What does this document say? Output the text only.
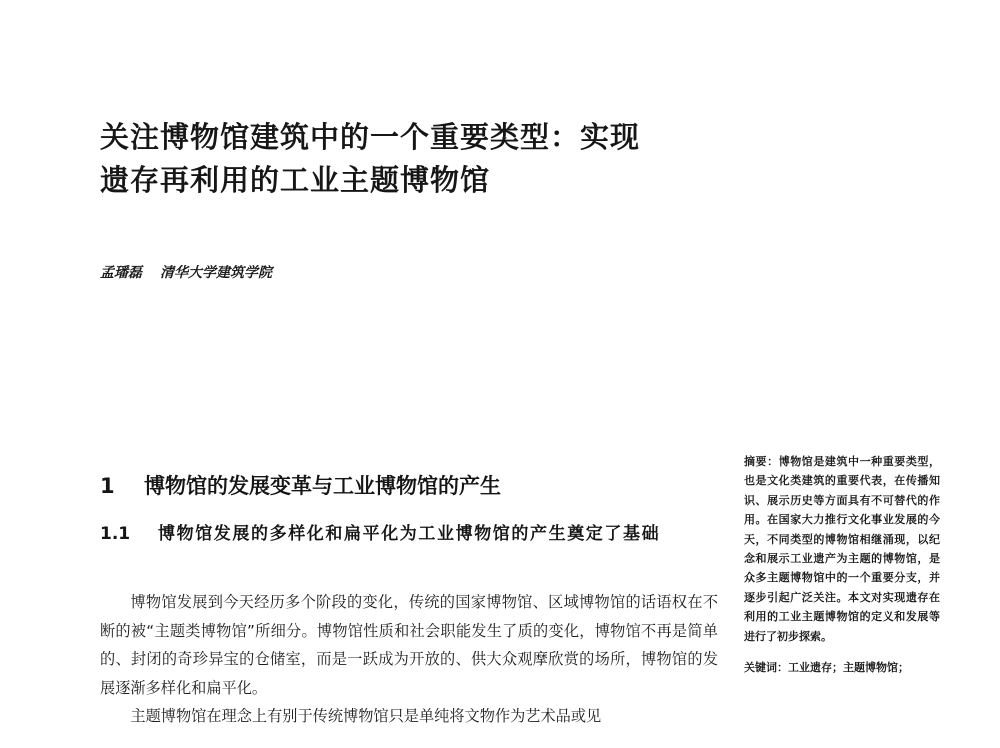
关注博物馆建筑中的一个重要类型：实现
遗存再利用的工业主题博物馆
孟璠磊 清华大学建筑学院
1 博物馆的发展变革与工业博物馆的产生
1.1 博物馆发展的多样化和扁平化为工业博物馆的产生奠定了基础

博物馆发展到今天经历多个阶段的变化，传统的国家博物馆、区域博物馆的话语权在不断的被“主题类博物馆”所细分。博物馆性质和社会职能发生了质的变化，博物馆不再是简单的、封闭的奇珍异宝的仓储室，而是一跃成为开放的、供大众观摩欣赏的场所，博物馆的发展逐渐多样化和扁平化。

主题博物馆在理念上有别于传统博物馆只是单纯将文物作为艺术品或见

摘要：博物馆是建筑中一种重要类型，也是文化类建筑的重要代表，在传播知识、展示历史等方面具有不可替代的作用。在国家大力推行文化事业发展的今天，不同类型的博物馆相继涌现，以纪念和展示工业遗产为主题的博物馆，是众多主题博物馆中的一个重要分支，并逐步引起广泛关注。本文对实现遗存在利用的工业主题博物馆的定义和发展等进行了初步探索。
关键词：工业遗存；主题博物馆；
